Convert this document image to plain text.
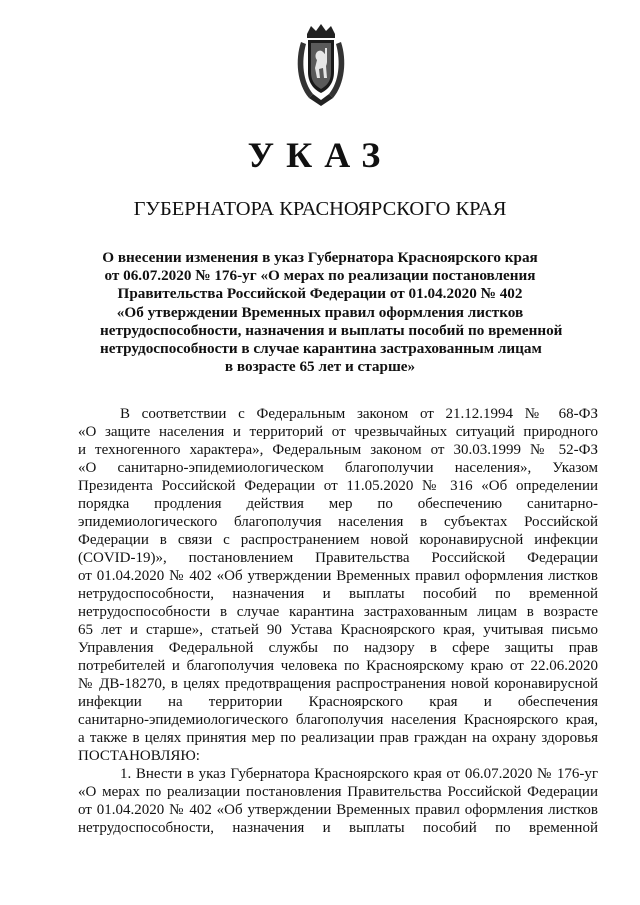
УКАЗ
ГУБЕРНАТОРА КРАСНОЯРСКОГО КРАЯ
О внесении изменения в указ Губернатора Красноярского края
от 06.07.2020 № 176-уг «О мерах по реализации постановления
Правительства Российской Федерации от 01.04.2020 № 402
«Об утверждении Временных правил оформления листков
нетрудоспособности, назначения и выплаты пособий по временной
нетрудоспособности в случае карантина застрахованным лицам
в возрасте 65 лет и старше»
В соответствии с Федеральным законом от 21.12.1994 № 68-ФЗ
«О защите населения и территорий от чрезвычайных ситуаций природного
и техногенного характера», Федеральным законом от 30.03.1999 № 52-ФЗ
«О санитарно-эпидемиологическом благополучии населения», Указом
Президента Российской Федерации от 11.05.2020 № 316 «Об определении
порядка продления действия мер по обеспечению санитарно-
эпидемиологического благополучия населения в субъектах Российской
Федерации в связи с распространением новой коронавирусной инфекции
(COVID-19)», постановлением Правительства Российской Федерации
от 01.04.2020 № 402 «Об утверждении Временных правил оформления листков
нетрудоспособности, назначения и выплаты пособий по временной
нетрудоспособности в случае карантина застрахованным лицам в возрасте
65 лет и старше», статьей 90 Устава Красноярского края, учитывая письмо
Управления Федеральной службы по надзору в сфере защиты прав
потребителей и благополучия человека по Красноярскому краю от 22.06.2020
№ ДВ-18270, в целях предотвращения распространения новой коронавирусной
инфекции на территории Красноярского края и обеспечения
санитарно-эпидемиологического благополучия населения Красноярского края,
а также в целях принятия мер по реализации прав граждан на охрану здоровья
ПОСТАНОВЛЯЮ:
1. Внести в указ Губернатора Красноярского края от 06.07.2020 № 176-уг
«О мерах по реализации постановления Правительства Российской Федерации
от 01.04.2020 № 402 «Об утверждении Временных правил оформления листков
нетрудоспособности, назначения и выплаты пособий по временной
